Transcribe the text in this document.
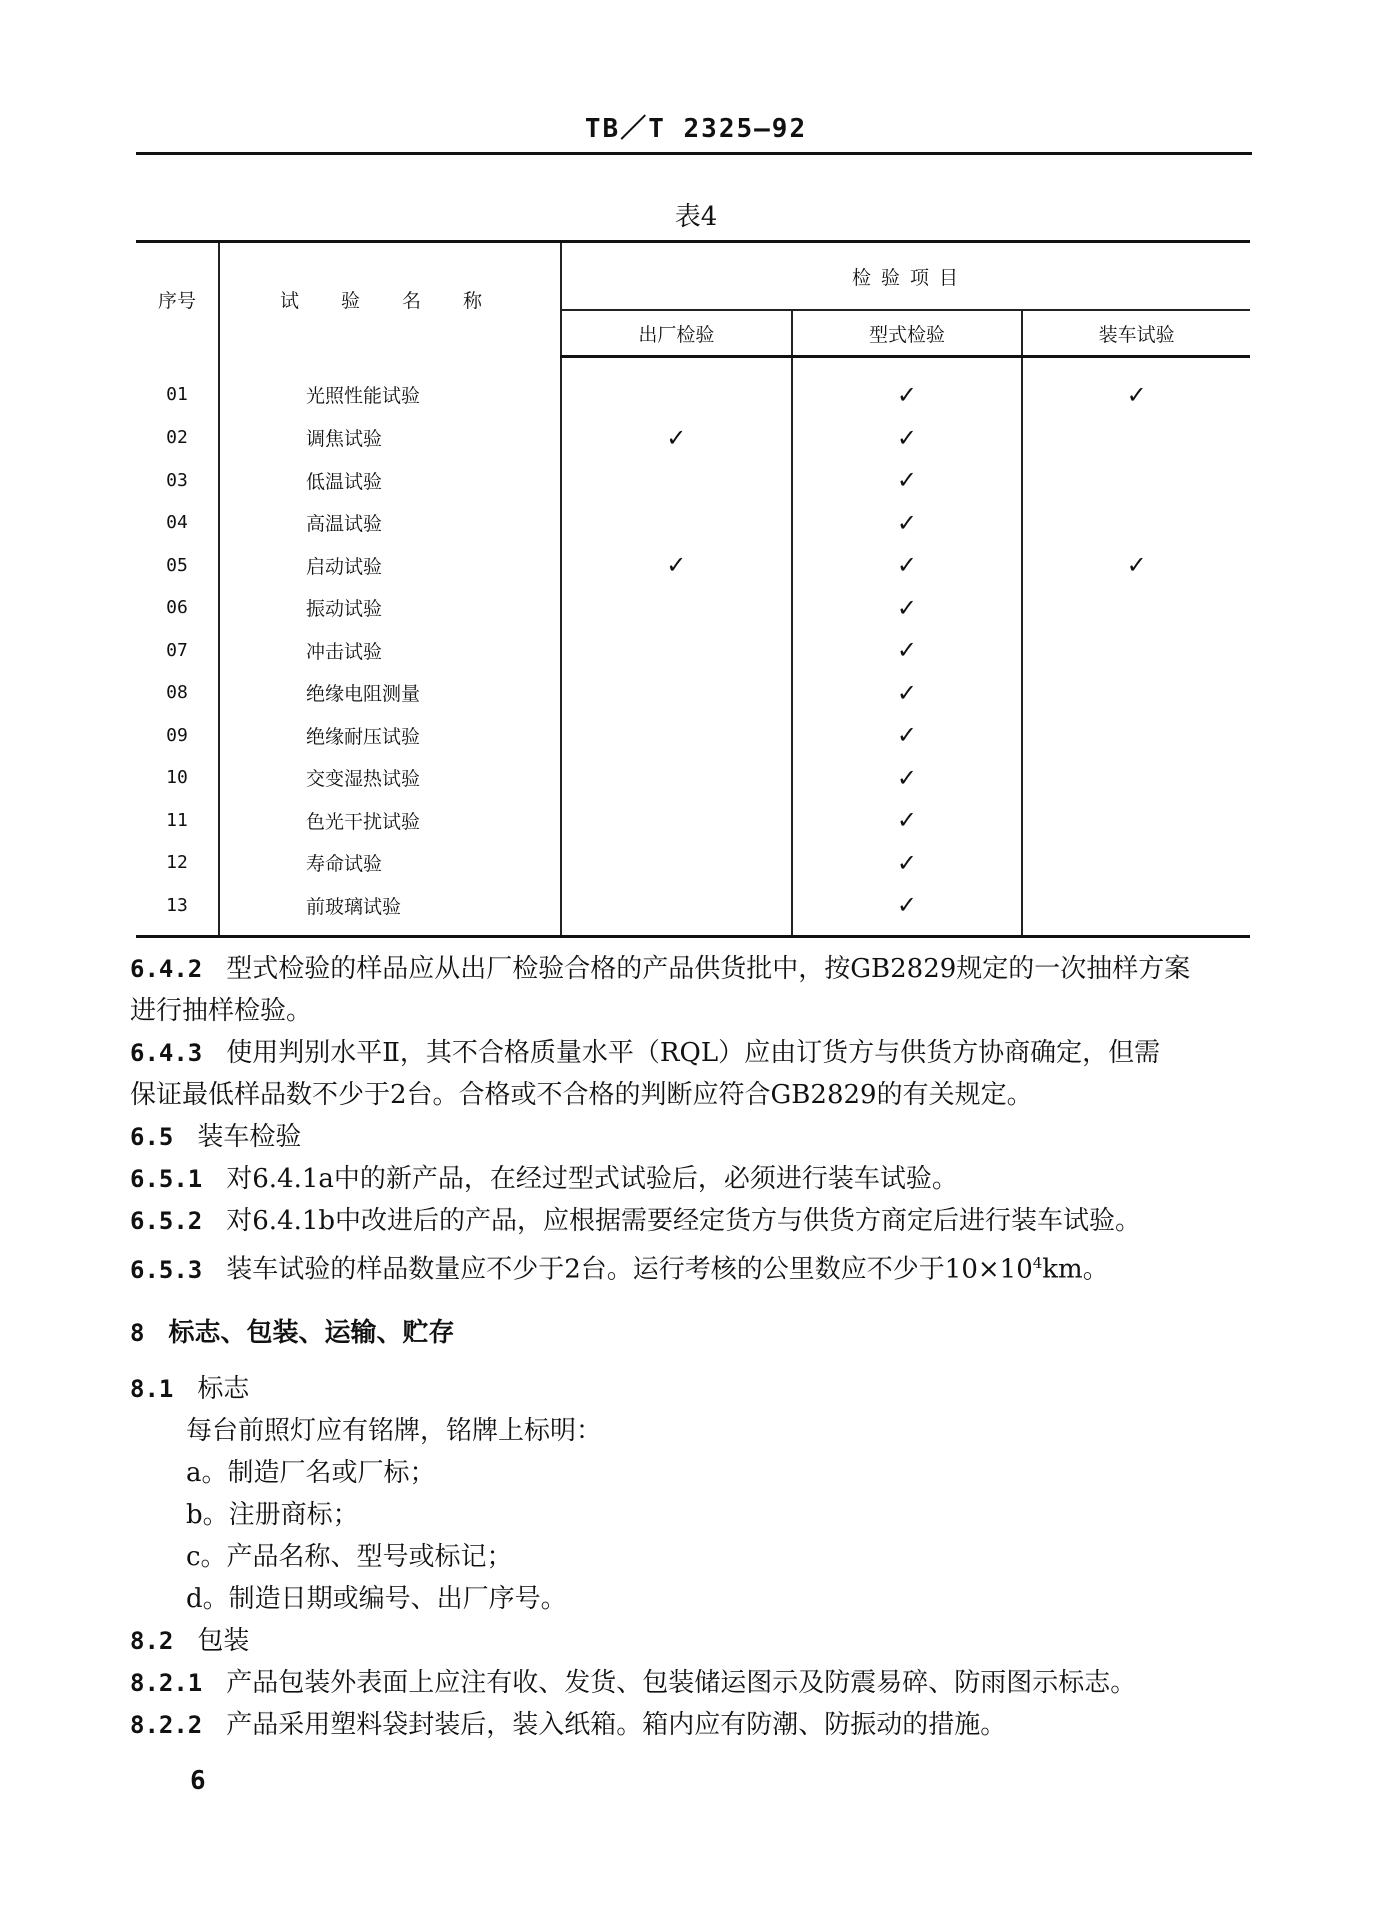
TB／T 2325—92
表4
序号	试 验 名 称	检 验 项 目		
		出厂检验	型式检验	装车试验
01	光照性能试验		✓	✓
02	调焦试验	✓	✓	
03	低温试验		✓	
04	高温试验		✓	
05	启动试验	✓	✓	✓
06	振动试验		✓	
07	冲击试验		✓	
08	绝缘电阻测量		✓	
09	绝缘耐压试验		✓	
10	交变湿热试验		✓	
11	色光干扰试验		✓	
12	寿命试验		✓	
13	前玻璃试验		✓	

6.4.2 型式检验的样品应从出厂检验合格的产品供货批中，按GB2829规定的一次抽样方案

进行抽样检验。

6.4.3 使用判别水平Ⅱ，其不合格质量水平（RQL）应由订货方与供货方协商确定，但需

保证最低样品数不少于2台。合格或不合格的判断应符合GB2829的有关规定。

6.5 装车检验

6.5.1 对6.4.1a中的新产品，在经过型式试验后，必须进行装车试验。

6.5.2 对6.4.1b中改进后的产品，应根据需要经定货方与供货方商定后进行装车试验。

6.5.3 装车试验的样品数量应不少于2台。运行考核的公里数应不少于$10\times 10^4km$。

8 标志、包装、运输、贮存

8.1 标志

每台前照灯应有铭牌，铭牌上标明：

a。制造厂名或厂标；

b。注册商标；

c。产品名称、型号或标记；

d。制造日期或编号、出厂序号。

8.2 包装

8.2.1 产品包装外表面上应注有收、发货、包装储运图示及防震易碎、防雨图示标志。

8.2.2 产品采用塑料袋封装后，装入纸箱。箱内应有防潮、防振动的措施。

6
